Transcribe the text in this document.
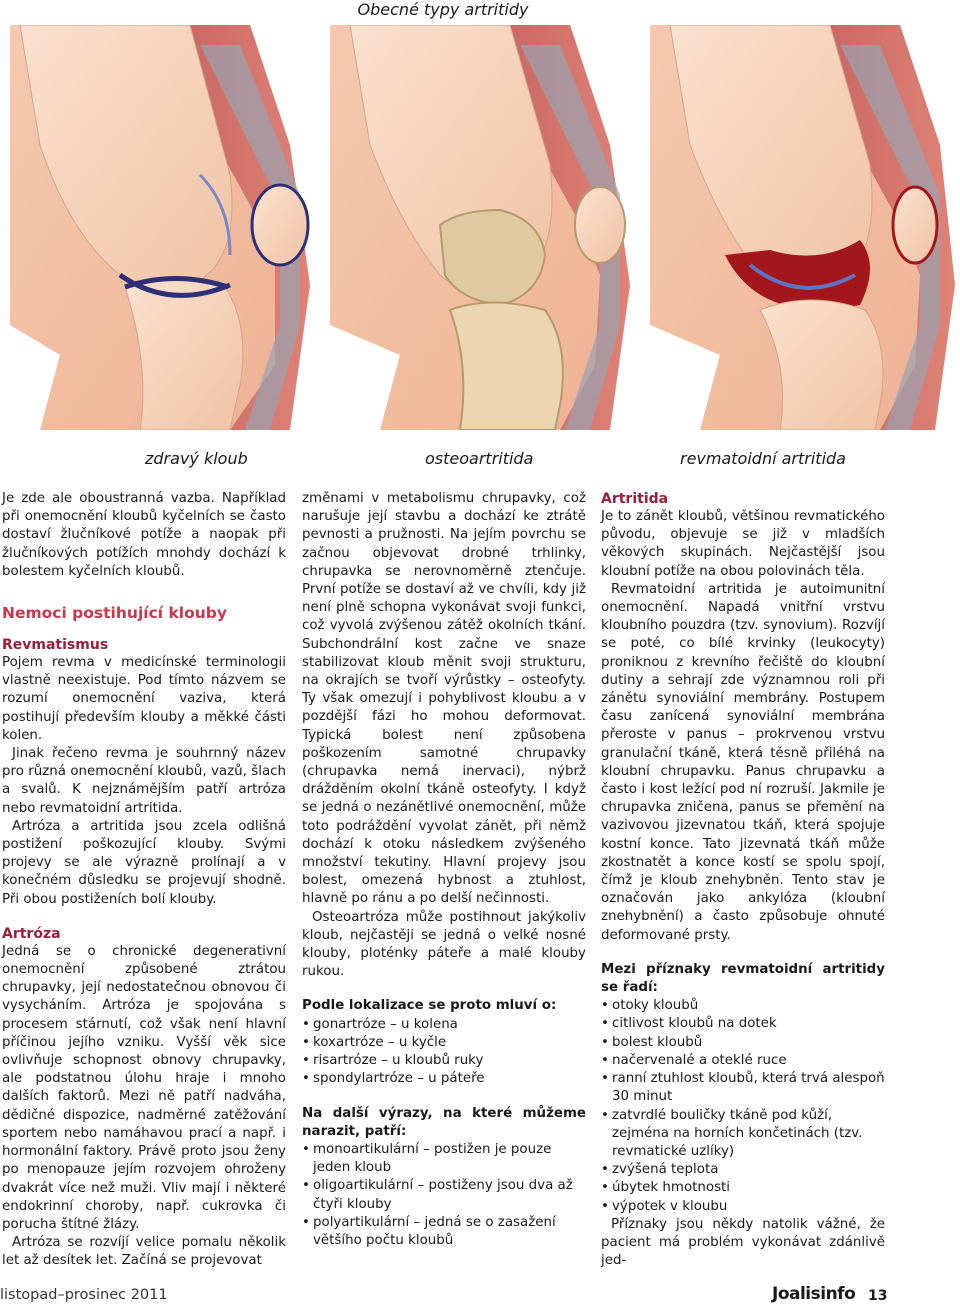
Obecné typy artritidy
zdravý kloub	osteoartritida	revmatoidní artritida

Je zde ale oboustranná vazba. Například při onemocnění kloubů kyčelních se často dostaví žlučníkové potíže a naopak při žlučníkových potížích mnohdy dochází k bolestem kyčelních kloubů.

Nemoci postihující klouby
Revmatismus

Pojem revma v medicínské terminologii vlastně neexistuje. Pod tímto názvem se rozumí onemocnění vaziva, která postihují především klouby a měkké části kolen.

Jinak řečeno revma je souhrnný název pro různá onemocnění kloubů, vazů, šlach a svalů. K nejznámějším patří artróza nebo revmatoidní artritida.

Artróza a artritida jsou zcela odlišná postižení poškozující klouby. Svými projevy se ale výrazně prolínají a v konečném důsledku se projevují shodně. Při obou postiženích bolí klouby.

Artróza

Jedná se o chronické degenerativní onemocnění způsobené ztrátou chrupavky, její nedostatečnou obnovou či vysycháním. Artróza je spojována s procesem stárnutí, což však není hlavní příčinou jejího vzniku. Vyšší věk sice ovlivňuje schopnost obnovy chrupavky, ale podstatnou úlohu hraje i mnoho dalších faktorů. Mezi ně patří nadváha, dědičné dispozice, nadměrné zatěžování sportem nebo namáhavou prací a např. i hormonální faktory. Právě proto jsou ženy po menopauze jejím rozvojem ohroženy dvakrát více než muži. Vliv mají i některé endokrinní choroby, např. cukrovka či porucha štítné žlázy.

Artróza se rozvíjí velice pomalu několik let až desítek let. Začíná se projevovat

změnami v metabolismu chrupavky, což narušuje její stavbu a dochází ke ztrátě pevnosti a pružnosti. Na jejím povrchu se začnou objevovat drobné trhlinky, chrupavka se nerovnoměrně ztenčuje. První potíže se dostaví až ve chvíli, kdy již není plně schopna vykonávat svoji funkci, což vyvolá zvýšenou zátěž okolních tkání. Subchondrální kost začne ve snaze stabilizovat kloub měnit svoji strukturu, na okrajích se tvoří výrůstky – osteofyty. Ty však omezují i pohyblivost kloubu a v pozdější fázi ho mohou deformovat. Typická bolest není způsobena poškozením samotné chrupavky (chrupavka nemá inervaci), nýbrž drážděním okolní tkáně osteofyty. I když se jedná o nezánětlivé onemocnění, může toto podráždění vyvolat zánět, při němž dochází k otoku následkem zvýšeného množství tekutiny. Hlavní projevy jsou bolest, omezená hybnost a ztuhlost, hlavně po ránu a po delší nečinnosti.

Osteoartróza může postihnout jakýkoliv kloub, nejčastěji se jedná o velké nosné klouby, ploténky páteře a malé klouby rukou.

Podle lokalizace se proto mluví o:

• gonartróze – u kolena
• koxartróze – u kyčle
• risartróze – u kloubů ruky
• spondylartróze – u páteře

Na další výrazy, na které můžeme narazit, patří:

• monoartikulární – postižen je pouze jeden kloub
• oligoartikulární – postiženy jsou dva až čtyři klouby
• polyartikulární – jedná se o zasažení většího počtu kloubů
Artritida

Je to zánět kloubů, většinou revmatického původu, objevuje se již v mladších věkových skupinách. Nejčastější jsou kloubní potíže na obou polovinách těla.

Revmatoidní artritida je autoimunitní onemocnění. Napadá vnitřní vrstvu kloubního pouzdra (tzv. synovium). Rozvíjí se poté, co bílé krvinky (leukocyty) proniknou z krevního řečiště do kloubní dutiny a sehrají zde významnou roli při zánětu synoviální membrány. Postupem času zanícená synoviální membrána přeroste v panus – prokrvenou vrstvu granulační tkáně, která těsně přiléhá na kloubní chrupavku. Panus chrupavku a často i kost ležící pod ní rozruší. Jakmile je chrupavka zničena, panus se přemění na vazivovou jizevnatou tkáň, která spojuje kostní konce. Tato jizevnatá tkáň může zkostnatět a konce kostí se spolu spojí, čímž je kloub znehybněn. Tento stav je označován jako ankylóza (kloubní znehybnění) a často způsobuje ohnuté deformované prsty.

Mezi příznaky revmatoidní artritidy se řadí:

• otoky kloubů
• citlivost kloubů na dotek
• bolest kloubů
• načervenalé a oteklé ruce
• ranní ztuhlost kloubů, která trvá alespoň 30 minut
• zatvrdlé bouličky tkáně pod kůží, zejména na horních končetinách (tzv. revmatické uzlíky)
• zvýšená teplota
• úbytek hmotnosti
• výpotek v kloubu

Příznaky jsou někdy natolik vážné, že pacient má problém vykonávat zdánlivě jed-

listopad–prosinec 2011	Joalisinfo 13
